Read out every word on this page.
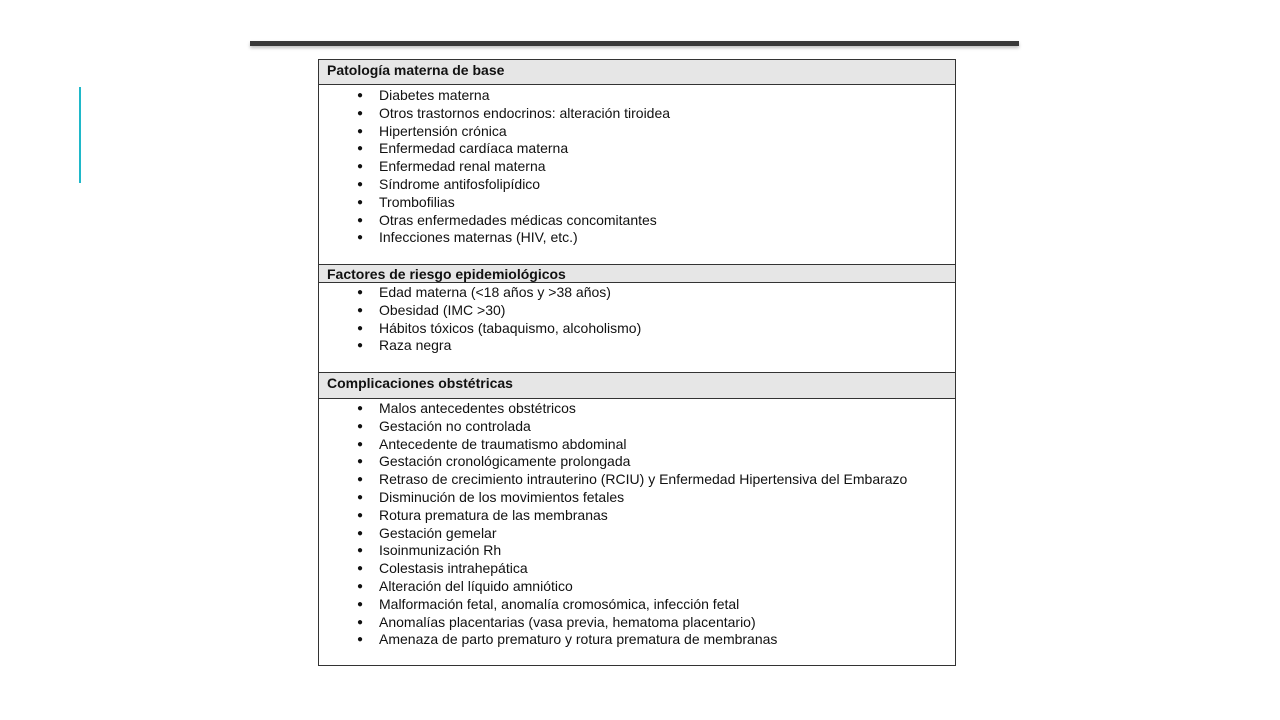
Patología materna de base
● Diabetes materna
● Otros trastornos endocrinos: alteración tiroidea
● Hipertensión crónica
● Enfermedad cardíaca materna
● Enfermedad renal materna
● Síndrome antifosfolipídico
● Trombofilias
● Otras enfermedades médicas concomitantes
● Infecciones maternas (HIV, etc.)
Factores de riesgo epidemiológicos
● Edad materna (<18 años y >38 años)
● Obesidad (IMC >30)
● Hábitos tóxicos (tabaquismo, alcoholismo)
● Raza negra
Complicaciones obstétricas
● Malos antecedentes obstétricos
● Gestación no controlada
● Antecedente de traumatismo abdominal
● Gestación cronológicamente prolongada
● Retraso de crecimiento intrauterino (RCIU) y Enfermedad Hipertensiva del Embarazo
● Disminución de los movimientos fetales
● Rotura prematura de las membranas
● Gestación gemelar
● Isoinmunización Rh
● Colestasis intrahepática
● Alteración del líquido amniótico
● Malformación fetal, anomalía cromosómica, infección fetal
● Anomalías placentarias (vasa previa, hematoma placentario)
● Amenaza de parto prematuro y rotura prematura de membranas
